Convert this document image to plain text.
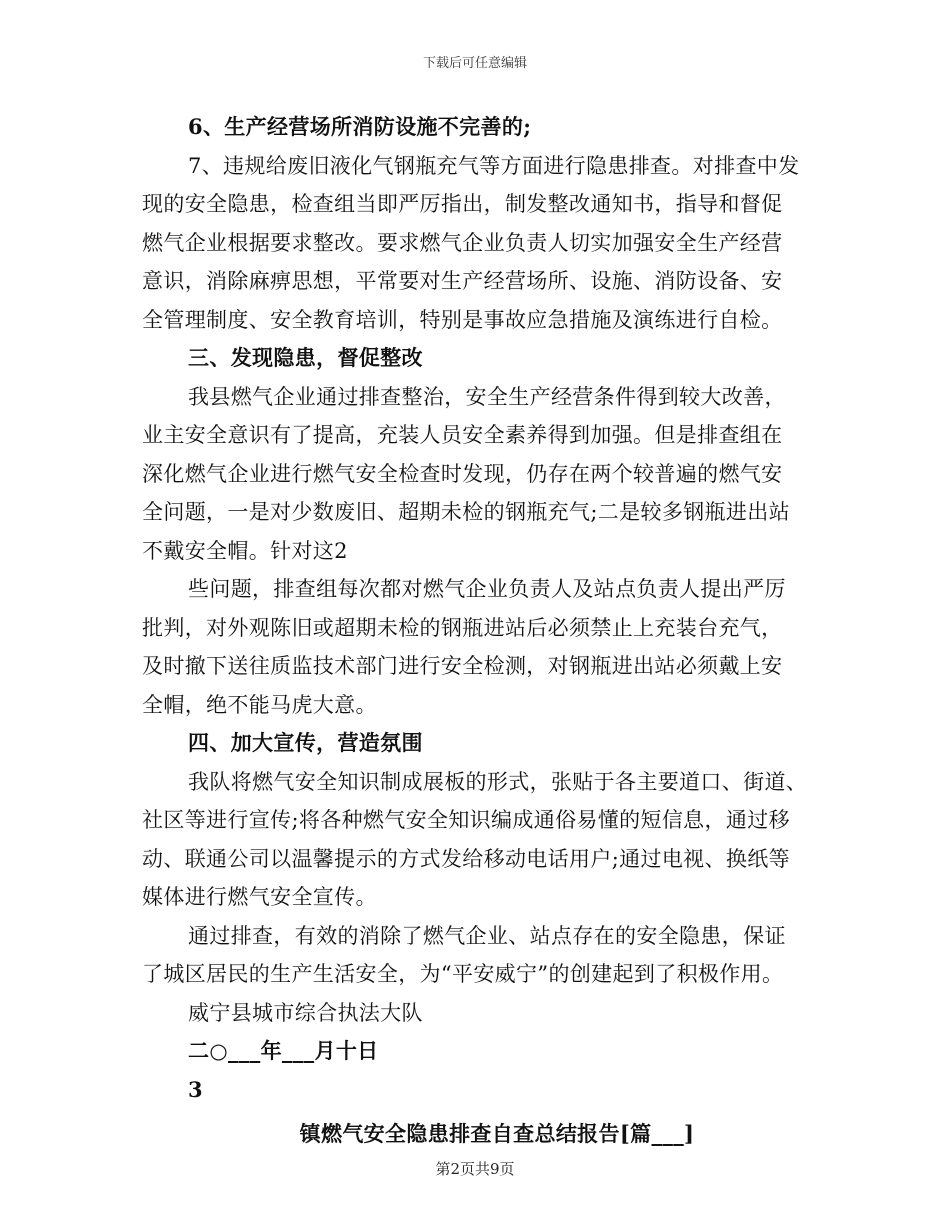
下载后可任意编辑
6、生产经营场所消防设施不完善的;
7、违规给废旧液化气钢瓶充气等方面进行隐患排查。对排查中发
现的安全隐患，检查组当即严厉指出，制发整改通知书，指导和督促
燃气企业根据要求整改。要求燃气企业负责人切实加强安全生产经营
意识，消除麻痹思想，平常要对生产经营场所、设施、消防设备、安
全管理制度、安全教育培训，特别是事故应急措施及演练进行自检。
三、发现隐患，督促整改
我县燃气企业通过排查整治，安全生产经营条件得到较大改善，
业主安全意识有了提高，充装人员安全素养得到加强。但是排查组在
深化燃气企业进行燃气安全检查时发现，仍存在两个较普遍的燃气安
全问题，一是对少数废旧、超期未检的钢瓶充气;二是较多钢瓶进出站
不戴安全帽。针对这2
些问题，排查组每次都对燃气企业负责人及站点负责人提出严厉
批判，对外观陈旧或超期未检的钢瓶进站后必须禁止上充装台充气，
及时撤下送往质监技术部门进行安全检测，对钢瓶进出站必须戴上安
全帽，绝不能马虎大意。
四、加大宣传，营造氛围
我队将燃气安全知识制成展板的形式，张贴于各主要道口、街道、
社区等进行宣传;将各种燃气安全知识编成通俗易懂的短信息，通过移
动、联通公司以温馨提示的方式发给移动电话用户;通过电视、换纸等
媒体进行燃气安全宣传。
通过排查，有效的消除了燃气企业、站点存在的安全隐患，保证
了城区居民的生产生活安全，为“平安威宁”的创建起到了积极作用。
威宁县城市综合执法大队
二○___年___月十日
3
镇燃气安全隐患排查自查总结报告[篇___]
第2页共9页
